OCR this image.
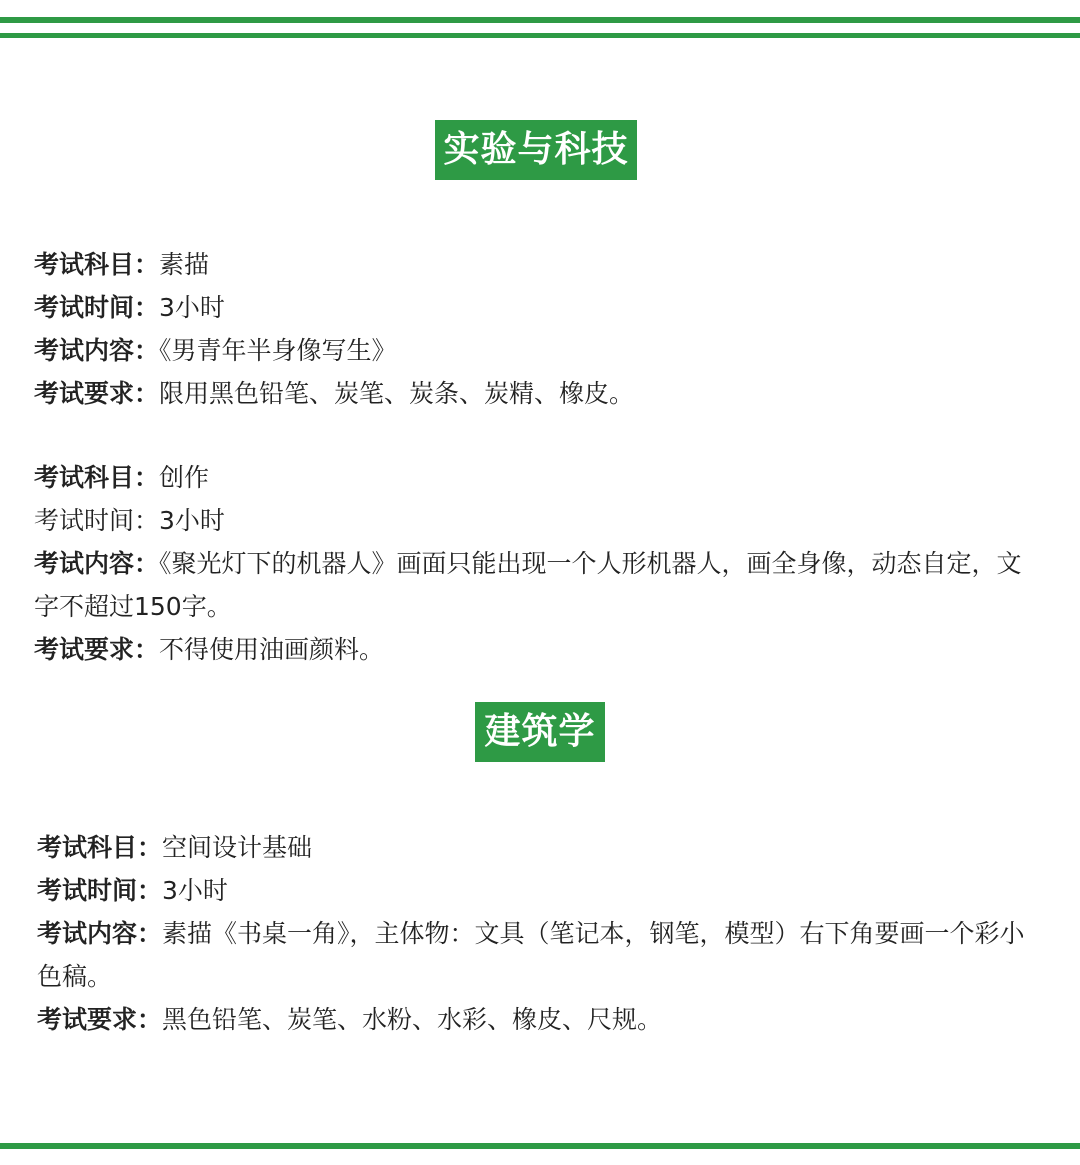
实验与科技
考试科目：素描
考试时间：3小时
考试内容：《男青年半身像写生》
考试要求：限用黑色铅笔、炭笔、炭条、炭精、橡皮。
考试科目：创作
考试时间：3小时
考试内容：《聚光灯下的机器人》画面只能出现一个人形机器人，画全身像，动态自定，文字不超过150字。
考试要求：不得使用油画颜料。
建筑学
考试科目：空间设计基础
考试时间：3小时
考试内容：素描《书桌一角》，主体物：文具（笔记本，钢笔，模型）右下角要画一个彩小色稿。
考试要求：黑色铅笔、炭笔、水粉、水彩、橡皮、尺规。
